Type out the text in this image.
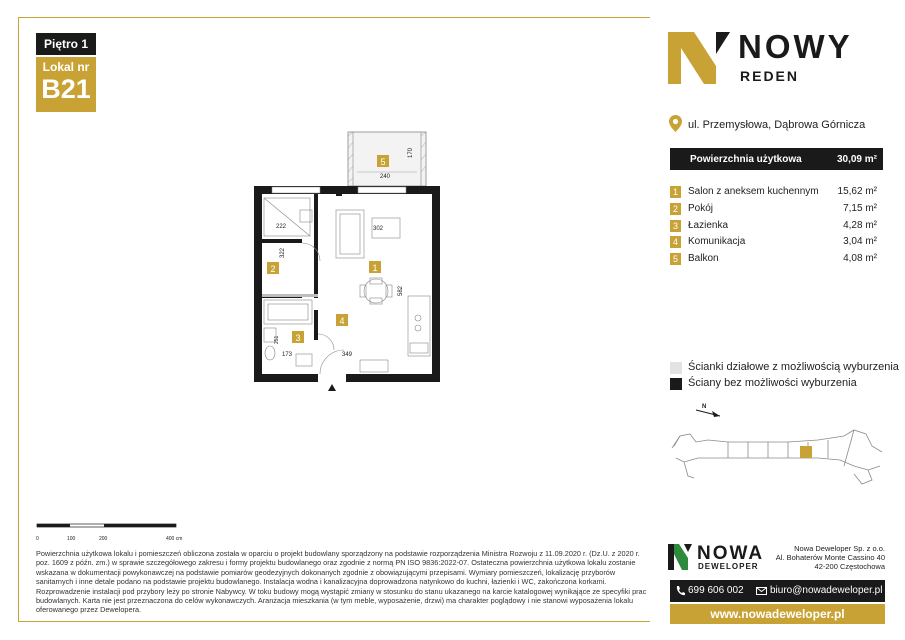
Piętro 1
Lokal nr
B21
NOWY
REDEN
ul. Przemysłowa, Dąbrowa Górnicza
Powierzchnia użytkowa	30,09 m²
1	Salon z aneksem kuchennym 15,62 m²
2	Pokój	7,15 m²
3	Łazienka	4,28 m²
4	Komunikacja	3,04 m²
5	Balkon	4,08 m²
Ścianki działowe z możliwością wyburzenia
Ściany bez możliwości wyburzenia
N
5
240
170
222
322
2
302
1
582
3
173
251
4
349
0	100	200	400 cm
Powierzchnia użytkowa lokalu i pomieszczeń obliczona została w oparciu o projekt budowlany sporządzony na podstawie rozporządzenia Ministra Rozwoju z 11.09.2020 r. (Dz.U. z 2020 r. poz. 1609 z późn. zm.) w sprawie szczegółowego zakresu i formy projektu budowlanego oraz zgodnie z normą PN ISO 9836:2022-07. Ostateczna powierzchnia użytkowa lokalu zostanie wskazana w dokumentacji powykonawczej na podstawie pomiarów geodezyjnych dokonanych zgodnie z obowiązującymi przepisami. Wymiary pomieszczeń, lokalizację przyborów sanitarnych i inne detale podano na podstawie projektu budowlanego. Instalacja wodna i kanalizacyjna doprowadzona natynkowo do kuchni, łazienki i WC, zakończona korkami. Rozprowadzenie instalacji pod przybory leży po stronie Nabywcy. W toku budowy mogą wystąpić zmiany w stosunku do stanu ukazanego na karcie katalogowej wynikające ze specyfiki prac budowlanych. Karta nie jest przeznaczona do celów wykonawczych. Aranżacja mieszkania (w tym meble, wyposażenie, drzwi) ma charakter poglądowy i nie stanowi wyposażenia lokalu oferowanego przez Dewelopera.
NOWA
DEWELOPER
Nowa Deweloper Sp. z o.o.
Al. Bohaterów Monte Cassino 40
42-200 Częstochowa
699 606 002	biuro@nowadeweloper.pl
www.nowadeweloper.pl
